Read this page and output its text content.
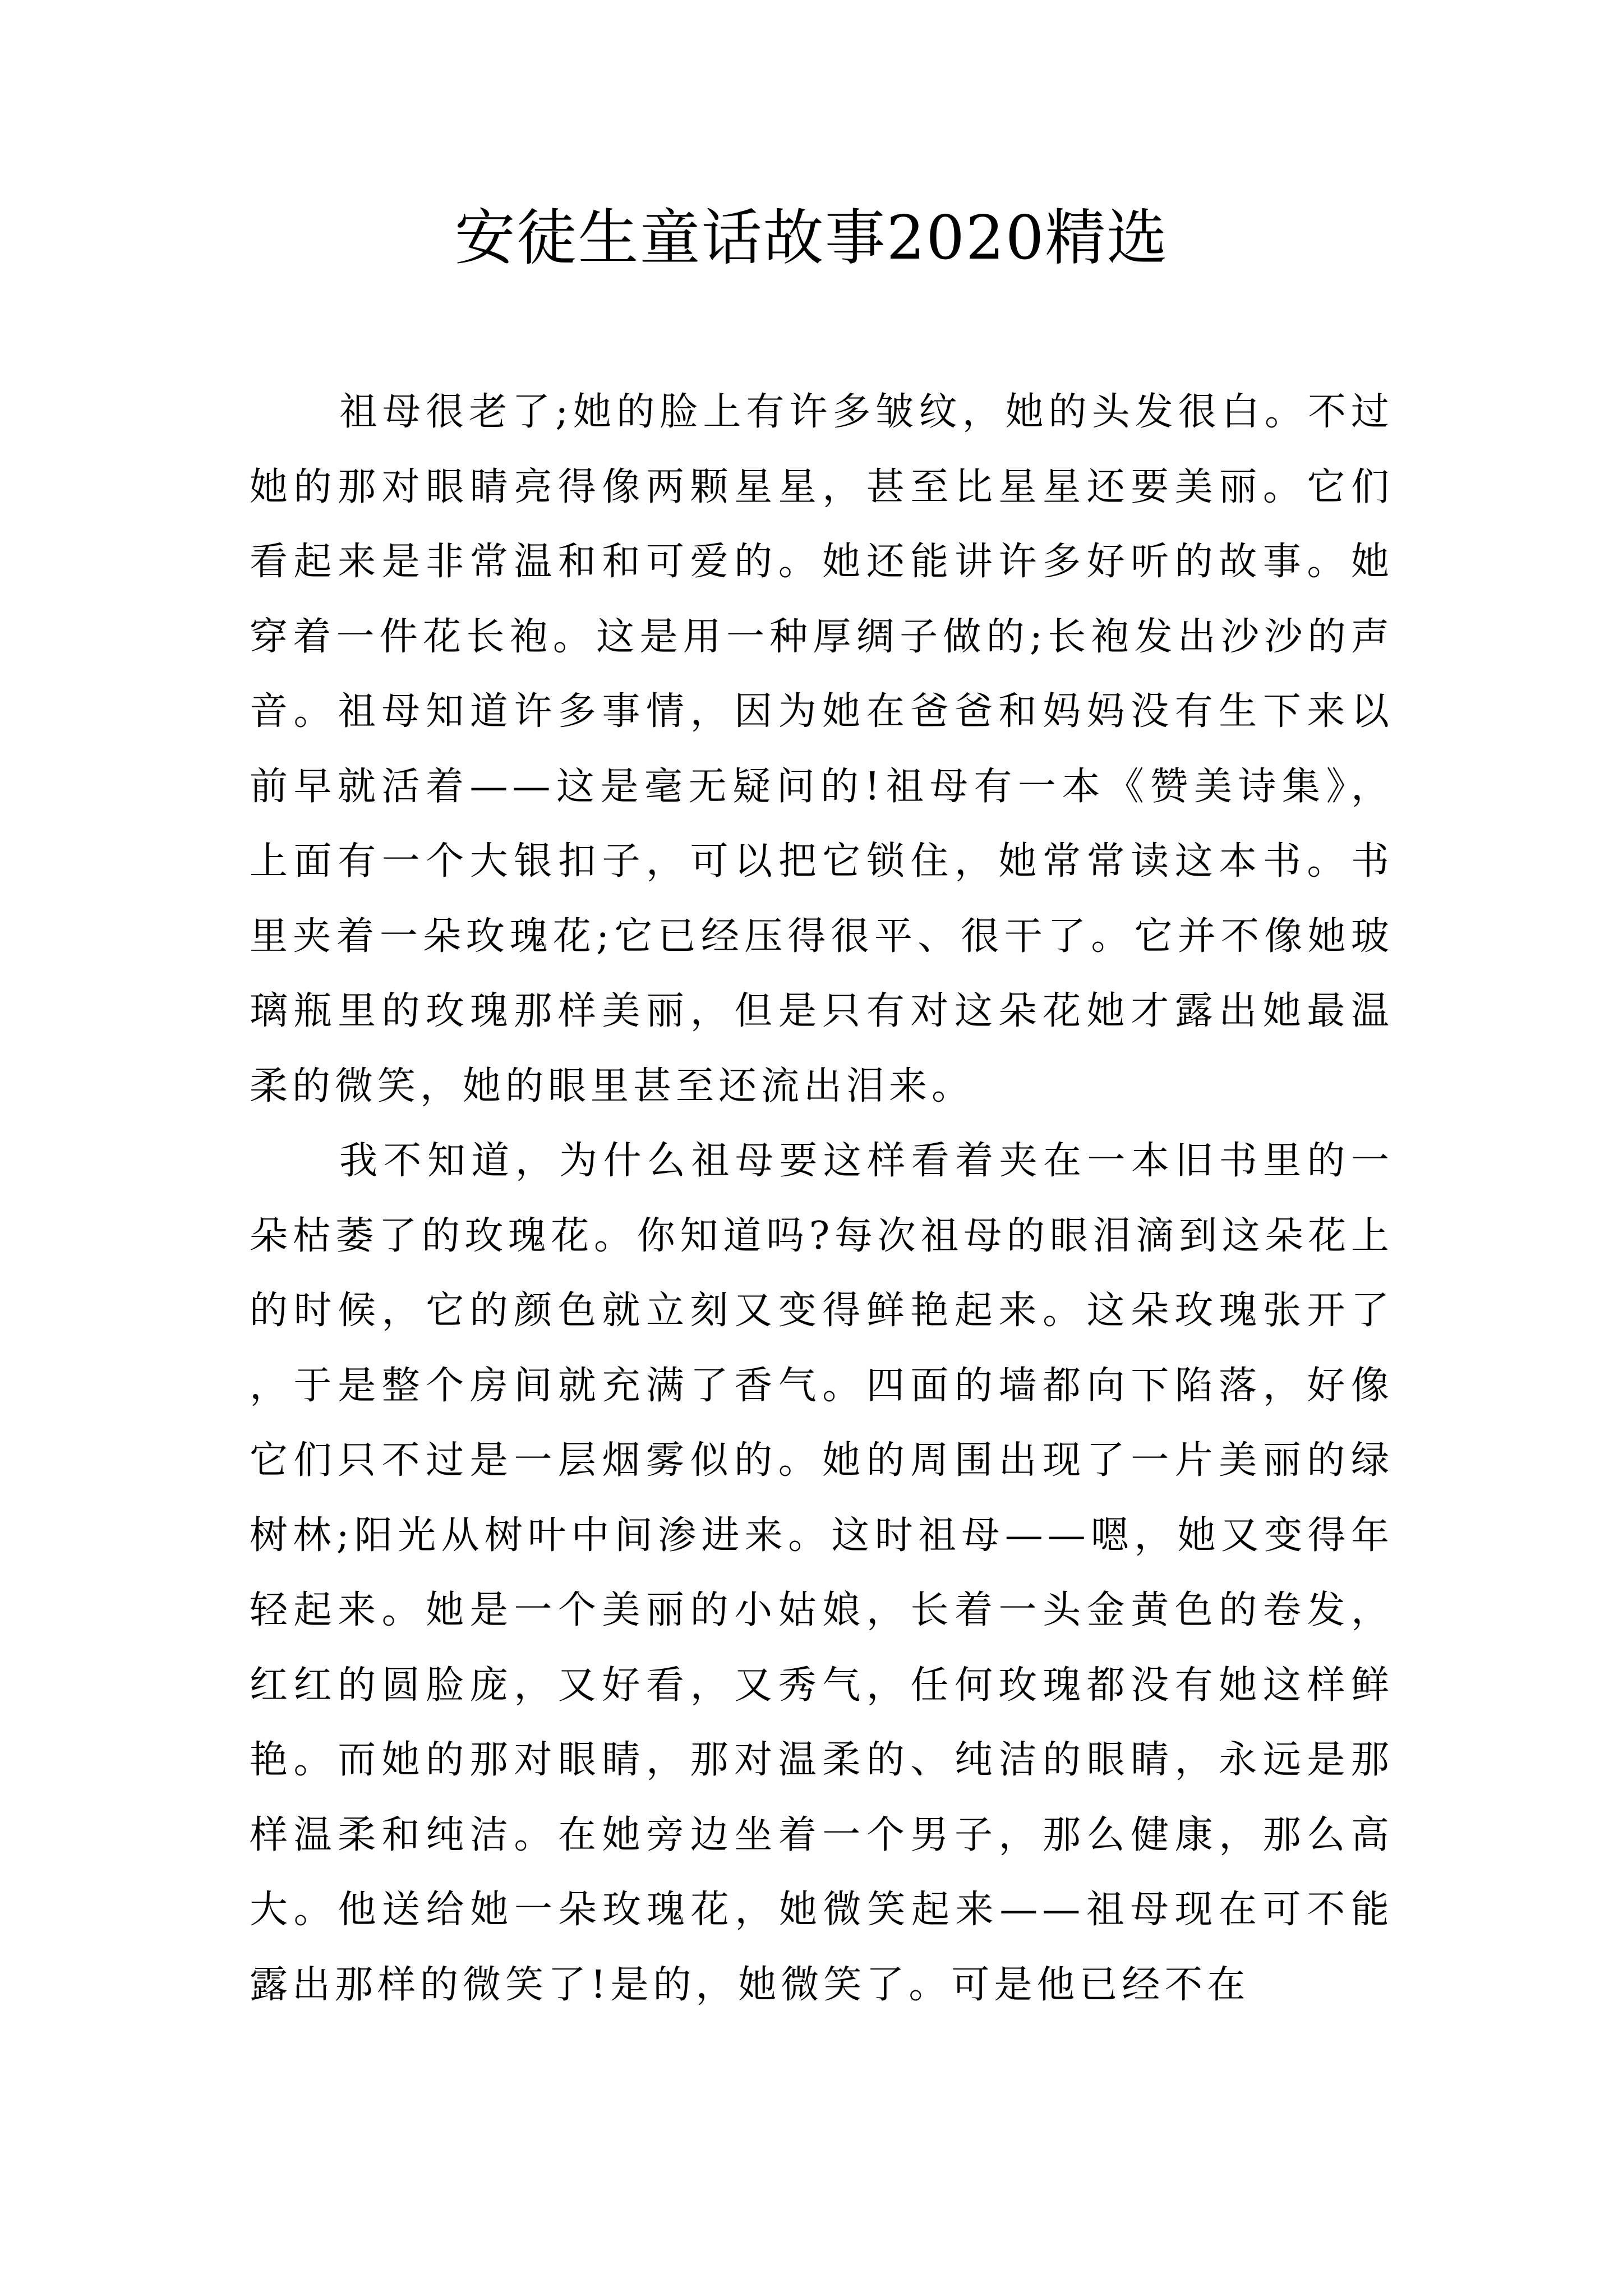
安徒生童话故事2020精选

祖母很老了;她的脸上有许多皱纹，她的头发很白。不过她的那对眼睛亮得像两颗星星，甚至比星星还要美丽。它们看起来是非常温和和可爱的。她还能讲许多好听的故事。她穿着一件花长袍。这是用一种厚绸子做的;长袍发出沙沙的声音。祖母知道许多事情，因为她在爸爸和妈妈没有生下来以前早就活着——这是毫无疑问的!祖母有一本《赞美诗集》，上面有一个大银扣子，可以把它锁住，她常常读这本书。书里夹着一朵玫瑰花;它已经压得很平、很干了。它并不像她玻璃瓶里的玫瑰那样美丽，但是只有对这朵花她才露出她最温柔的微笑，她的眼里甚至还流出泪来。

我不知道，为什么祖母要这样看着夹在一本旧书里的一朵枯萎了的玫瑰花。你知道吗?每次祖母的眼泪滴到这朵花上的时候，它的颜色就立刻又变得鲜艳起来。这朵玫瑰张开了，于是整个房间就充满了香气。四面的墙都向下陷落，好像它们只不过是一层烟雾似的。她的周围出现了一片美丽的绿树林;阳光从树叶中间渗进来。这时祖母——嗯，她又变得年轻起来。她是一个美丽的小姑娘，长着一头金黄色的卷发，红红的圆脸庞，又好看，又秀气，任何玫瑰都没有她这样鲜艳。而她的那对眼睛，那对温柔的、纯洁的眼睛，永远是那样温柔和纯洁。在她旁边坐着一个男子，那么健康，那么高大。他送给她一朵玫瑰花，她微笑起来——祖母现在可不能露出那样的微笑了!是的，她微笑了。可是他已经不在
